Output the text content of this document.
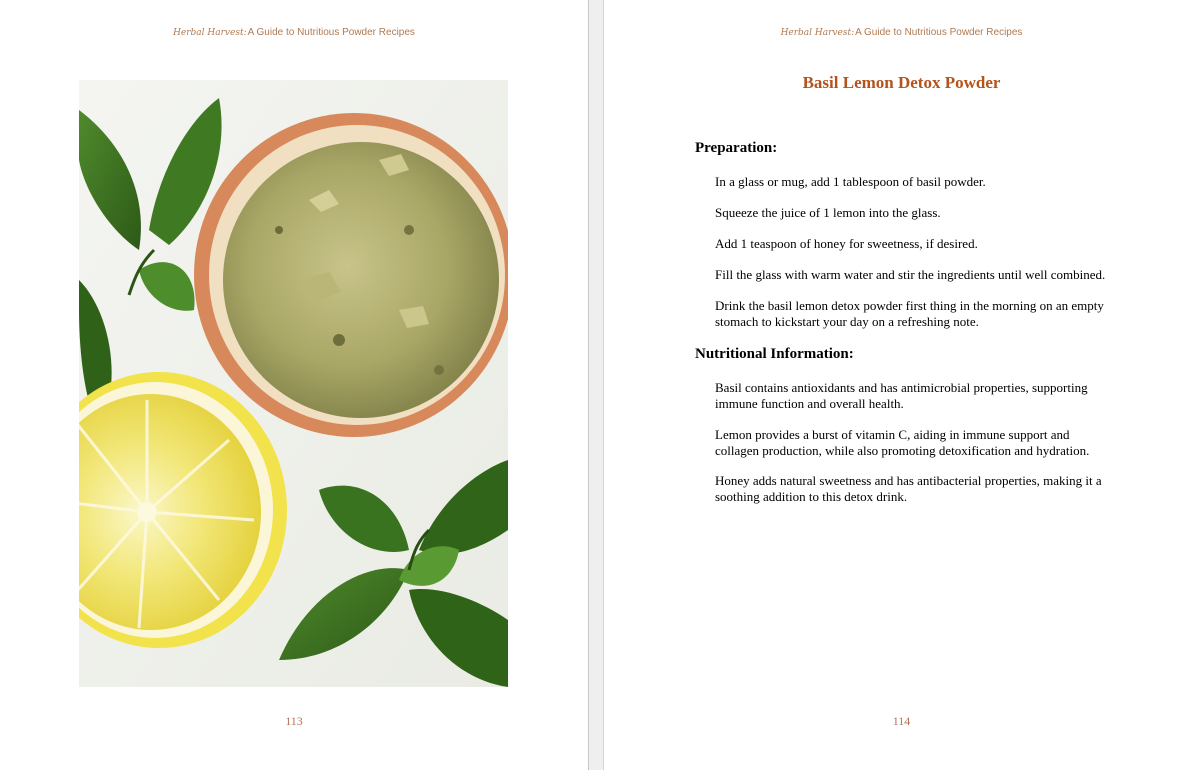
Herbal Harvest:A Guide to Nutritious Powder Recipes
113
Herbal Harvest:A Guide to Nutritious Powder Recipes
Basil Lemon Detox Powder
Preparation:
In a glass or mug, add 1 tablespoon of basil powder.
Squeeze the juice of 1 lemon into the glass.
Add 1 teaspoon of honey for sweetness, if desired.
Fill the glass with warm water and stir the ingredients until well combined.
Drink the basil lemon detox powder first thing in the morning on an empty stomach to kickstart your day on a refreshing note.
Nutritional Information:
Basil contains antioxidants and has antimicrobial properties, supporting immune function and overall health.
Lemon provides a burst of vitamin C, aiding in immune support and collagen production, while also promoting detoxification and hydration.
Honey adds natural sweetness and has antibacterial properties, making it a soothing addition to this detox drink.
114
